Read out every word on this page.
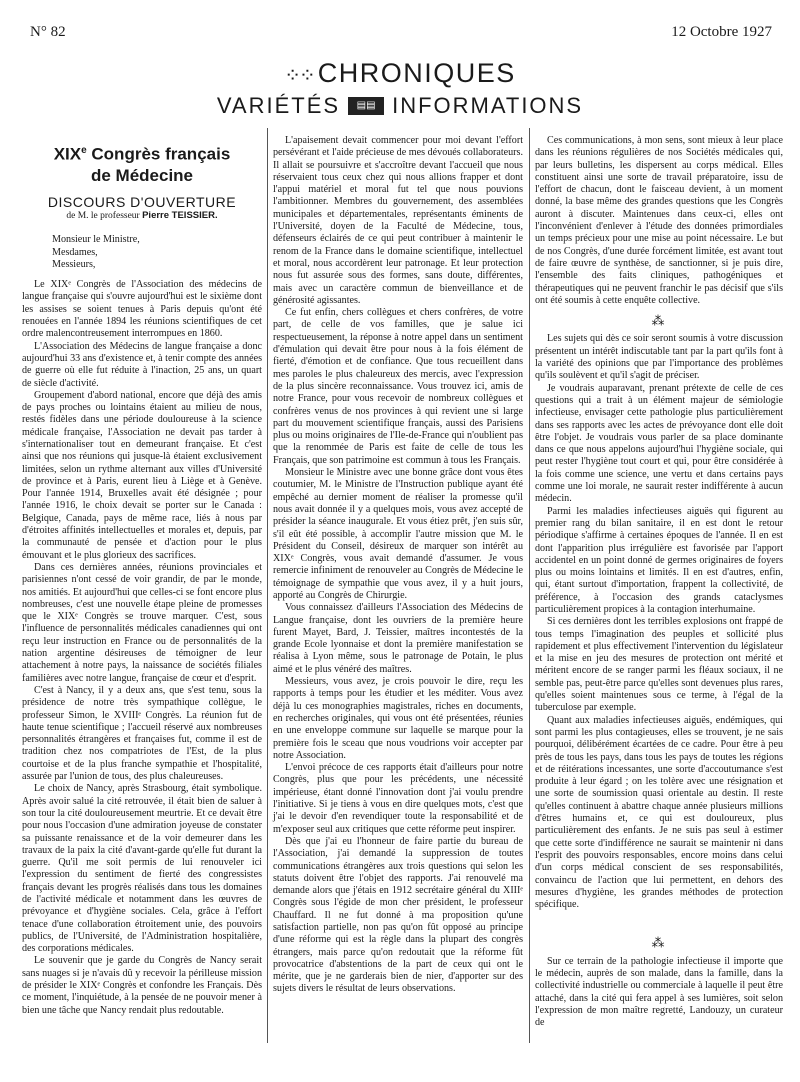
N° 82	12 Octobre 1927
⁘⁘ CHRONIQUES
VARIÉTÉS	▤▤ INFORMATIONS
XIXe Congrès français
de Médecine
DISCOURS D'OUVERTURE
de M. le professeur Pierre TEISSIER.

Monsieur le Ministre,

Mesdames,

Messieurs,

Le XIXᵉ Congrès de l'Association des médecins de langue française qui s'ouvre aujourd'hui est le sixième dont les assises se soient tenues à Paris depuis qu'ont été renouées en l'année 1894 les réunions scientifiques de cet ordre malencontreusement interrompues en 1860.

L'Association des Médecins de langue française a donc aujourd'hui 33 ans d'existence et, à tenir compte des années de guerre où elle fut réduite à l'inaction, 25 ans, un quart de siècle d'activité.

Groupement d'abord national, encore que déjà des amis de pays proches ou lointains étaient au milieu de nous, restés fidèles dans une période douloureuse à la science médicale française, l'Association ne devait pas tarder à s'internationaliser tout en demeurant française. Et c'est ainsi que nos réunions qui jusque-là étaient exclusivement limitées, selon un rythme alternant aux villes d'Université de province et à Paris, eurent lieu à Liège et à Genève. Pour l'année 1914, Bruxelles avait été désignée ; pour l'année 1916, le choix devait se porter sur le Canada : Belgique, Canada, pays de même race, liés à nous par d'étroites affinités intellectuelles et morales et, depuis, par la communauté de pensée et d'action pour le plus émouvant et le plus glorieux des sacrifices.

Dans ces dernières années, réunions provinciales et parisiennes n'ont cessé de voir grandir, de par le monde, nos amitiés. Et aujourd'hui que celles-ci se font encore plus nombreuses, c'est une nouvelle étape pleine de promesses que le XIXᵉ Congrès se trouve marquer. C'est, sous l'influence de personnalités médicales canadiennes qui ont reçu leur instruction en France ou de personnalités de la nation argentine désireuses de témoigner de leur attachement à notre pays, la naissance de sociétés filiales familières avec notre langue, française de cœur et d'esprit.

C'est à Nancy, il y a deux ans, que s'est tenu, sous la présidence de notre très sympathique collègue, le professeur Simon, le XVIIIᵉ Congrès. La réunion fut de haute tenue scientifique ; l'accueil réservé aux nombreuses personnalités étrangères et françaises fut, comme il est de tradition chez nos compatriotes de l'Est, de la plus courtoise et de la plus franche sympathie et l'hospitalité, assurée par l'union de tous, des plus chaleureuses.

Le choix de Nancy, après Strasbourg, était symbolique. Après avoir salué la cité retrouvée, il était bien de saluer à son tour la cité douloureusement meurtrie. Et ce devait être pour nous l'occasion d'une admiration joyeuse de constater sa puissante renaissance et de la voir demeurer dans les travaux de la paix la cité d'avant-garde qu'elle fut durant la guerre. Qu'il me soit permis de lui renouveler ici l'expression du sentiment de fierté des congressistes français devant les progrès réalisés dans tous les domaines de l'activité médicale et notamment dans les œuvres de prévoyance et d'hygiène sociales. Cela, grâce à l'effort tenace d'une collaboration étroitement unie, des pouvoirs publics, de l'Université, de l'Administration hospitalière, des corporations médicales.

Le souvenir que je garde du Congrès de Nancy serait sans nuages si je n'avais dû y recevoir la périlleuse mission de présider le XIXᵉ Congrès et confondre les Français. Dès ce moment, l'inquiétude, à la pensée de ne pouvoir mener à bien une tâche que Nancy rendait plus redoutable.

L'apaisement devait commencer pour moi devant l'effort persévérant et l'aide précieuse de mes dévoués collaborateurs. Il allait se poursuivre et s'accroître devant l'accueil que nous réservaient tous ceux chez qui nous allions frapper et dont l'appui matériel et moral fut tel que nous pouvions l'ambitionner. Membres du gouvernement, des assemblées municipales et départementales, représentants éminents de l'Université, doyen de la Faculté de Médecine, tous, défenseurs éclairés de ce qui peut contribuer à maintenir le renom de la France dans le domaine scientifique, intellectuel et moral, nous accordèrent leur patronage. Et leur protection nous fut assurée sous des formes, sans doute, différentes, mais avec un caractère commun de bienveillance et de générosité agissantes.

Ce fut enfin, chers collègues et chers confrères, de votre part, de celle de vos familles, que je salue ici respectueusement, la réponse à notre appel dans un sentiment d'émulation qui devait être pour nous à la fois élément de fierté, d'émotion et de confiance. Que tous recueillent dans mes paroles le plus chaleureux des mercis, avec l'expression de la plus sincère reconnaissance. Vous trouvez ici, amis de notre France, pour vous recevoir de nombreux collègues et confrères venus de nos provinces à qui revient une si large part du mouvement scientifique français, aussi des Parisiens plus ou moins originaires de l'Ile-de-France qui n'oublient pas que la renommée de Paris est faite de celle de tous les Français, que son patrimoine est commun à tous les Français.

Monsieur le Ministre avec une bonne grâce dont vous êtes coutumier, M. le Ministre de l'Instruction publique ayant été empêché au dernier moment de réaliser la promesse qu'il nous avait donnée il y a quelques mois, vous avez accepté de présider la séance inaugurale. Et vous étiez prêt, j'en suis sûr, s'il eût été possible, à accomplir l'autre mission que M. le Président du Conseil, désireux de marquer son intérêt au XIXᵉ Congrès, vous avait demandé d'assumer. Je vous remercie infiniment de renouveler au Congrès de Médecine le témoignage de sympathie que vous avez, il y a huit jours, apporté au Congrès de Chirurgie.

Vous connaissez d'ailleurs l'Association des Médecins de Langue française, dont les ouvriers de la première heure furent Mayet, Bard, J. Teissier, maîtres incontestés de la grande Ecole lyonnaise et dont la première manifestation se réalisa à Lyon même, sous le patronage de Potain, le plus aimé et le plus vénéré des maîtres.

Messieurs, vous avez, je crois pouvoir le dire, reçu les rapports à temps pour les étudier et les méditer. Vous avez déjà lu ces monographies magistrales, riches en documents, en recherches originales, qui vous ont été présentées, réunies en une enveloppe commune sur laquelle se marque pour la première fois le sceau que nous voudrions voir accepter par notre Association.

L'envoi précoce de ces rapports était d'ailleurs pour notre Congrès, plus que pour les précédents, une nécessité impérieuse, étant donné l'innovation dont j'ai voulu prendre l'initiative. Si je tiens à vous en dire quelques mots, c'est que j'ai le devoir d'en revendiquer toute la responsabilité et de m'exposer seul aux critiques que cette réforme peut inspirer.

Dès que j'ai eu l'honneur de faire partie du bureau de l'Association, j'ai demandé la suppression de toutes communications étrangères aux trois questions qui selon les statuts doivent être l'objet des rapports. J'ai renouvelé ma demande alors que j'étais en 1912 secrétaire général du XIIIᵉ Congrès sous l'égide de mon cher président, le professeur Chauffard. Il ne fut donné à ma proposition qu'une satisfaction partielle, non pas qu'on fût opposé au principe d'une réforme qui est la règle dans la plupart des congrès étrangers, mais parce qu'on redoutait que la réforme fût provocatrice d'abstentions de la part de ceux qui ont le mérite, que je ne garderais bien de nier, d'apporter sur des sujets divers le résultat de leurs observations.

Ces communications, à mon sens, sont mieux à leur place dans les réunions régulières de nos Sociétés médicales qui, par leurs bulletins, les dispersent au corps médical. Elles constituent ainsi une sorte de travail préparatoire, issu de l'effort de chacun, dont le faisceau devient, à un moment donné, la base même des grandes questions que les Congrès auront à discuter. Maintenues dans ceux-ci, elles ont l'inconvénient d'enlever à l'étude des données primordiales un temps précieux pour une mise au point nécessaire. Le but de nos Congrès, d'une durée forcément limitée, est avant tout de faire œuvre de synthèse, de sanctionner, si je puis dire, l'ensemble des faits cliniques, pathogéniques et thérapeutiques qui ne peuvent franchir le pas décisif que s'ils ont été soumis à cette enquête collective.

⁂

Les sujets qui dès ce soir seront soumis à votre discussion présentent un intérêt indiscutable tant par la part qu'ils font à la variété des opinions que par l'importance des problèmes qu'ils soulèvent et qu'il s'agit de préciser.

Je voudrais auparavant, prenant prétexte de celle de ces questions qui a trait à un élément majeur de sémiologie infectieuse, envisager cette pathologie plus particulièrement dans ses rapports avec les actes de prévoyance dont elle doit être l'objet. Je voudrais vous parler de sa place dominante dans ce que nous appelons aujourd'hui l'hygiène sociale, qui peut rester l'hygiène tout court et qui, pour être considérée à la fois comme une science, une vertu et dans certains pays comme une loi morale, ne saurait rester indifférente à aucun médecin.

Parmi les maladies infectieuses aiguës qui figurent au premier rang du bilan sanitaire, il en est dont le retour périodique s'affirme à certaines époques de l'année. Il en est dont l'apparition plus irrégulière est favorisée par l'apport accidentel en un point donné de germes originaires de foyers plus ou moins lointains et limités. Il en est d'autres, enfin, qui, étant surtout d'importation, frappent la collectivité, de préférence, à l'occasion des grands cataclysmes particulièrement propices à la contagion interhumaine.

Si ces dernières dont les terribles explosions ont frappé de tous temps l'imagination des peuples et sollicité plus rapidement et plus effectivement l'intervention du législateur et la mise en jeu des mesures de protection ont mérité et méritent encore de se ranger parmi les fléaux sociaux, il ne semble pas, peut-être parce qu'elles sont devenues plus rares, qu'elles soient maintenues sous ce terme, à l'égal de la tuberculose par exemple.

Quant aux maladies infectieuses aiguës, endémiques, qui sont parmi les plus contagieuses, elles se trouvent, je ne sais pourquoi, délibérément écartées de ce cadre. Pour être à peu près de tous les pays, dans tous les pays de toutes les régions et de réitérations incessantes, une sorte d'accoutumance s'est produite à leur égard ; on les tolère avec une résignation et une sorte de soumission quasi orientale au destin. Il reste qu'elles continuent à abattre chaque année plusieurs millions d'êtres humains et, ce qui est douloureux, plus particulièrement des enfants. Je ne suis pas seul à estimer que cette sorte d'indifférence ne saurait se maintenir ni dans l'esprit des pouvoirs responsables, encore moins dans celui d'un corps médical conscient de ses responsabilités, convaincu de l'action que lui permettent, en dehors des mesures d'hygiène, les grandes méthodes de protection spécifique.

⁂

Sur ce terrain de la pathologie infectieuse il importe que le médecin, auprès de son malade, dans la famille, dans la collectivité industrielle ou commerciale à laquelle il peut être attaché, dans la cité qui fera appel à ses lumières, soit selon l'expression de mon maître regretté, Landouzy, un curateur de
